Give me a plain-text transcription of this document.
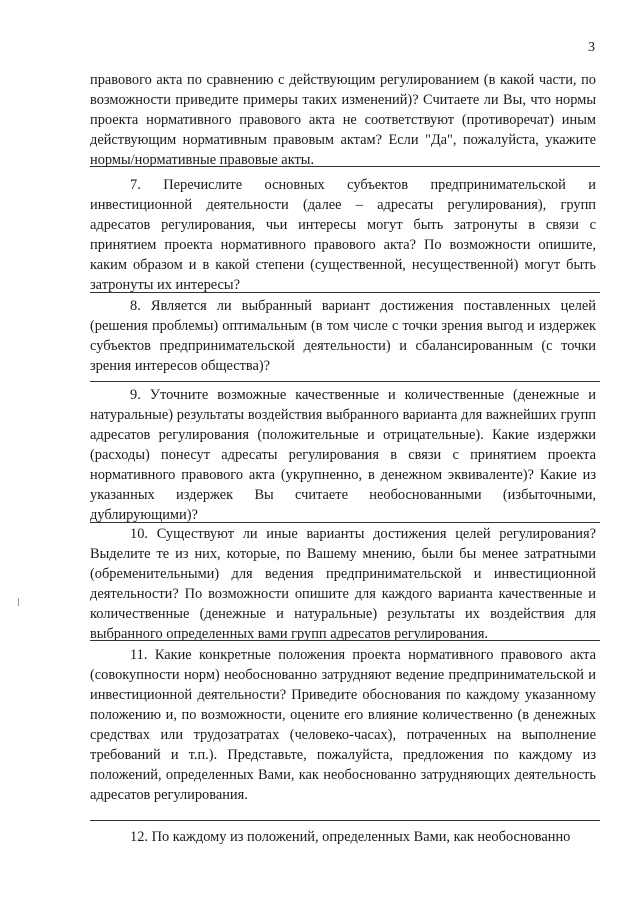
3
правового акта по сравнению с действующим регулированием (в какой части, по возможности приведите примеры таких изменений)? Считаете ли Вы, что нормы проекта нормативного правового акта не соответствуют (противоречат) иным действующим нормативным правовым актам? Если "Да", пожалуйста, укажите нормы/нормативные правовые акты.
7. Перечислите основных субъектов предпринимательской и инвестиционной деятельности (далее – адресаты регулирования), групп адресатов регулирования, чьи интересы могут быть затронуты в связи с принятием проекта нормативного правового акта? По возможности опишите, каким образом и в какой степени (существенной, несущественной) могут быть затронуты их интересы?
8. Является ли выбранный вариант достижения поставленных целей (решения проблемы) оптимальным (в том числе с точки зрения выгод и издержек субъектов предпринимательской деятельности) и сбалансированным (с точки зрения интересов общества)?
9. Уточните возможные качественные и количественные (денежные и натуральные) результаты воздействия выбранного варианта для важнейших групп адресатов регулирования (положительные и отрицательные). Какие издержки (расходы) понесут адресаты регулирования в связи с принятием проекта нормативного правового акта (укрупненно, в денежном эквиваленте)? Какие из указанных издержек Вы считаете необоснованными (избыточными, дублирующими)?
10. Существуют ли иные варианты достижения целей регулирования? Выделите те из них, которые, по Вашему мнению, были бы менее затратными (обременительными) для ведения предпринимательской и инвестиционной деятельности? По возможности опишите для каждого варианта качественные и количественные (денежные и натуральные) результаты их воздействия для выбранного определенных вами групп адресатов регулирования.
11. Какие конкретные положения проекта нормативного правового акта (совокупности норм) необоснованно затрудняют ведение предпринимательской и инвестиционной деятельности? Приведите обоснования по каждому указанному положению и, по возможности, оцените его влияние количественно (в денежных средствах или трудозатратах (человеко-часах), потраченных на выполнение требований и т.п.). Представьте, пожалуйста, предложения по каждому из положений, определенных Вами, как необоснованно затрудняющих деятельность адресатов регулирования.
12. По каждому из положений, определенных Вами, как необоснованно
